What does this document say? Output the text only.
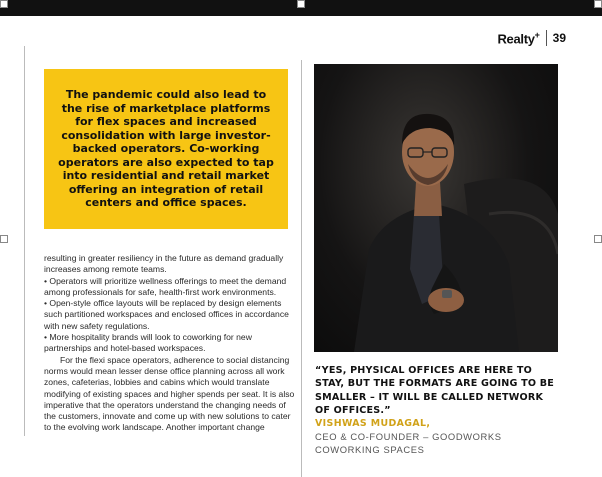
Realty+ 39

The pandemic could also lead to the rise of marketplace platforms for flex spaces and increased consolidation with large investor-backed operators. Co-working operators are also expected to tap into residential and retail market offering an integration of retail centers and office spaces.

resulting in greater resiliency in the future as demand gradually increases among remote teams.

• Operators will prioritize wellness offerings to meet the demand among professionals for safe, health-first work environments.

• Open-style office layouts will be replaced by design elements such partitioned workspaces and enclosed offices in accordance with new safety regulations.

• More hospitality brands will look to coworking for new partnerships and hotel-based workspaces.

For the flexi space operators, adherence to social distancing norms would mean lesser dense office planning across all work zones, cafeterias, lobbies and cabins which would translate modifying of existing spaces and higher spends per seat. It is also imperative that the operators understand the changing needs of the customers, innovate and come up with new solutions to cater to the evolving work landscape. Another important change

“YES, PHYSICAL OFFICES ARE HERE TO STAY, BUT THE FORMATS ARE GOING TO BE SMALLER – IT WILL BE CALLED NETWORK OF OFFICES.”
VISHWAS MUDAGAL,
CEO & CO-FOUNDER – GOODWORKS COWORKING SPACES
